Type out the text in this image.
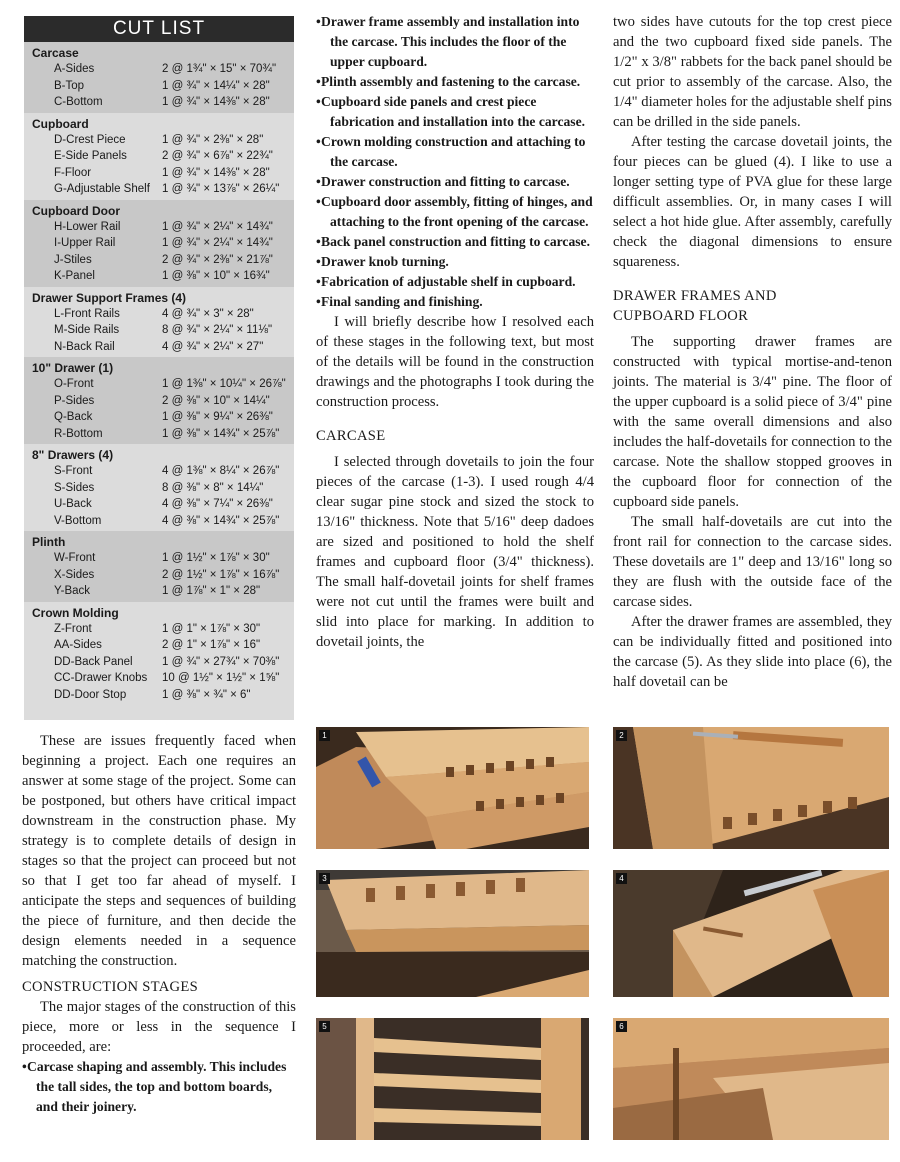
CUT LIST
Carcase
A-Sides	2 @ 1¾" × 15" × 70¾"
B-Top	1 @ ¾" × 14¼" × 28"
C-Bottom	1 @ ¾" × 14⅜" × 28"
Cupboard
D-Crest Piece	1 @ ¾" × 2⅜" × 28"
E-Side Panels	2 @ ¾" × 6⅞" × 22¾"
F-Floor	1 @ ¾" × 14⅜" × 28"
G-Adjustable Shelf	1 @ ¾" × 13⅞" × 26¼"
Cupboard Door
H-Lower Rail	1 @ ¾" × 2¼" × 14¾"
I-Upper Rail	1 @ ¾" × 2¼" × 14¾"
J-Stiles	2 @ ¾" × 2⅜" × 21⅞"
K-Panel	1 @ ⅜" × 10" × 16¾"
Drawer Support Frames (4)
L-Front Rails	4 @ ¾" × 3" × 28"
M-Side Rails	8 @ ¾" × 2¼" × 11⅛"
N-Back Rail	4 @ ¾" × 2¼" × 27"
10" Drawer (1)
O-Front	1 @ 1⅜" × 10¼" × 26⅞"
P-Sides	2 @ ⅜" × 10" × 14¼"
Q-Back	1 @ ⅜" × 9¼" × 26⅜"
R-Bottom	1 @ ⅜" × 14¾" × 25⅞"
8" Drawers (4)
S-Front	4 @ 1⅜" × 8¼" × 26⅞"
S-Sides	8 @ ⅜" × 8" × 14¼"
U-Back	4 @ ⅜" × 7¼" × 26⅜"
V-Bottom	4 @ ⅜" × 14¾" × 25⅞"
Plinth
W-Front	1 @ 1½" × 1⅞" × 30"
X-Sides	2 @ 1½" × 1⅞" × 16⅞"
Y-Back	1 @ 1⅞" × 1" × 28"
Crown Molding
Z-Front	1 @ 1" × 1⅞" × 30"
AA-Sides	2 @ 1" × 1⅞" × 16"
DD-Back Panel	1 @ ¾" × 27¾" × 70⅜"
CC-Drawer Knobs	10 @ 1½" × 1½" × 1⅝"
DD-Door Stop	1 @ ⅜" × ¾" × 6"

These are issues frequently faced when beginning a project. Each one requires an answer at some stage of the project. Some can be postponed, but others have critical impact downstream in the construction phase. My strategy is to complete details of design in stages so that the project can proceed but not so that I get too far ahead of myself. I anticipate the steps and sequences of building the piece of furniture, and then decide the design elements needed in a sequence matching the construction.

CONSTRUCTION STAGES

The major stages of the construction of this piece, more or less in the sequence I proceeded, are:

• Carcase shaping and assembly. This includes the tall sides, the top and bottom boards, and their joinery.
• Drawer frame assembly and installation into the carcase. This includes the floor of the upper cupboard.
• Plinth assembly and fastening to the carcase.
• Cupboard side panels and crest piece fabrication and installation into the carcase.
• Crown molding construction and attaching to the carcase.
• Drawer construction and fitting to carcase.
• Cupboard door assembly, fitting of hinges, and attaching to the front opening of the carcase.
• Back panel construction and fitting to carcase.
• Drawer knob turning.
• Fabrication of adjustable shelf in cupboard.
• Final sanding and finishing.

I will briefly describe how I resolved each of these stages in the following text, but most of the details will be found in the construction drawings and the photographs I took during the construction process.

CARCASE

I selected through dovetails to join the four pieces of the carcase (1-3). I used rough 4/4 clear sugar pine stock and sized the stock to 13/16" thickness. Note that 5/16" deep dadoes are sized and positioned to hold the shelf frames and cupboard floor (3/4" thickness). The small half-dovetail joints for shelf frames were not cut until the frames were built and slid into place for marking. In addition to dovetail joints, the

two sides have cutouts for the top crest piece and the two cupboard fixed side panels. The 1/2" x 3/8" rabbets for the back panel should be cut prior to assembly of the carcase. Also, the 1/4" diameter holes for the adjustable shelf pins can be drilled in the side panels.

After testing the carcase dovetail joints, the four pieces can be glued (4). I like to use a longer setting type of PVA glue for these large difficult assemblies. Or, in many cases I will select a hot hide glue. After assembly, carefully check the diagonal dimensions to ensure squareness.

DRAWER FRAMES AND
CUPBOARD FLOOR

The supporting drawer frames are constructed with typical mortise-and-tenon joints. The material is 3/4" pine. The floor of the upper cupboard is a solid piece of 3/4" pine with the same overall dimensions and also includes the half-dovetails for connection to the carcase. Note the shallow stopped grooves in the cupboard floor for connection of the cupboard side panels.

The small half-dovetails are cut into the front rail for connection to the carcase sides. These dovetails are 1" deep and 13/16" long so they are flush with the outside face of the carcase sides.

After the drawer frames are assembled, they can be individually fitted and positioned into the carcase (5). As they slide into place (6), the half dovetail can be

1	2
3	4
5	6
